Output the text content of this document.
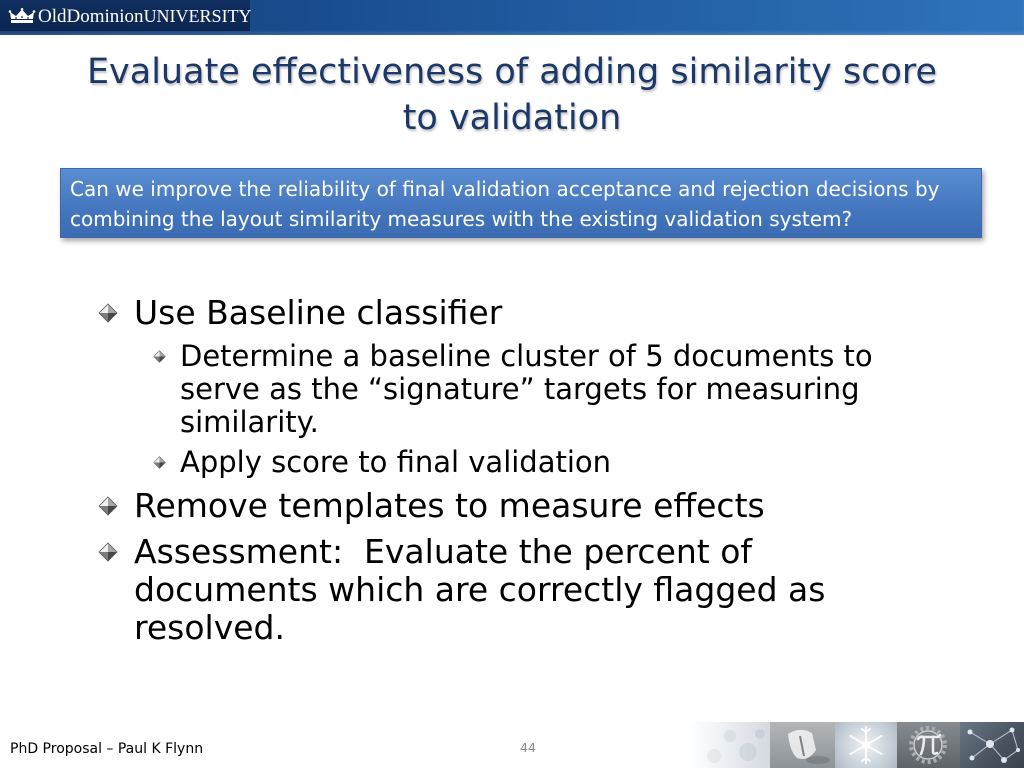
OldDominionUNIVERSITY
Evaluate effectiveness of adding similarity score to validation
Can we improve the reliability of final validation acceptance and rejection decisions by combining the layout similarity measures with the existing validation system?
Use Baseline classifier
Determine a baseline cluster of 5 documents to serve as the “signature” targets for measuring similarity.
Apply score to final validation
Remove templates to measure effects
Assessment:  Evaluate the percent of documents which are correctly flagged as resolved.
PhD Proposal – Paul K Flynn	44
